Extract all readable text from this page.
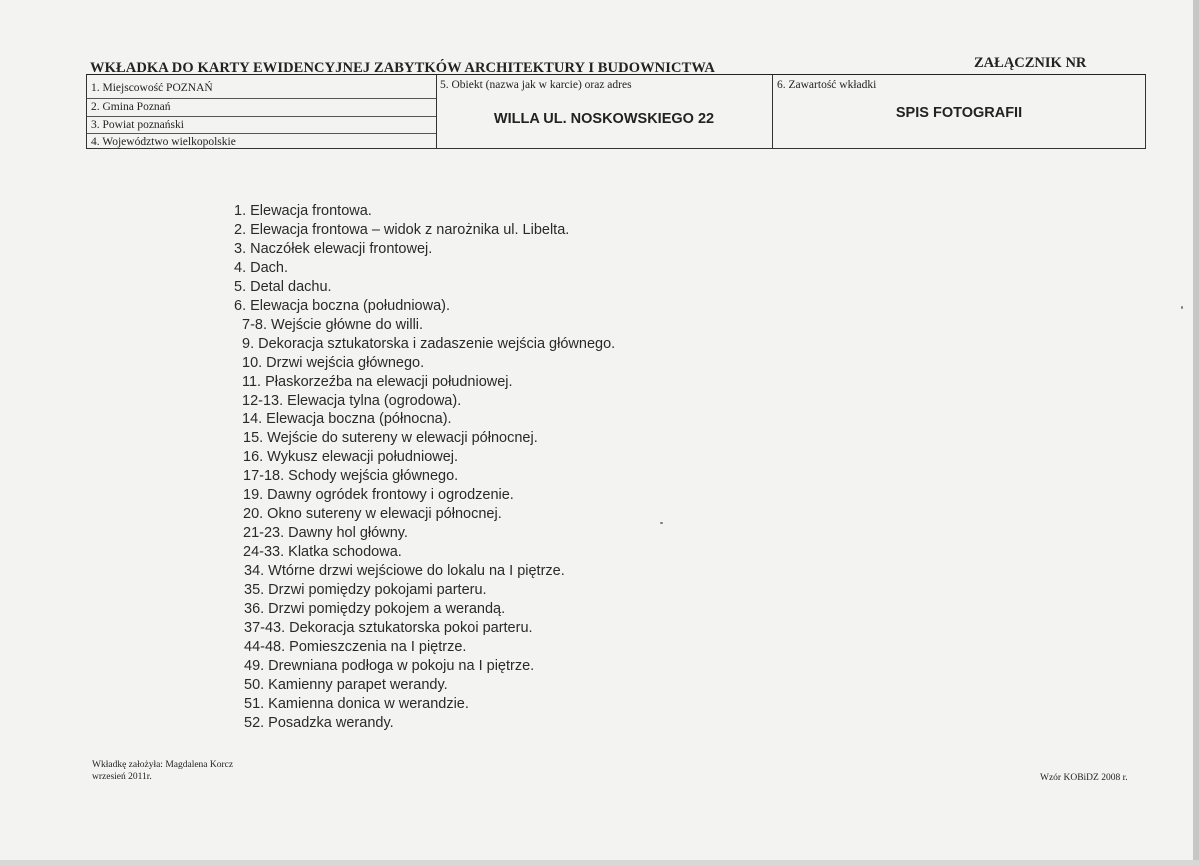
WKŁADKA DO KARTY EWIDENCYJNEJ ZABYTKÓW ARCHITEKTURY I BUDOWNICTWA	ZAŁĄCZNIK NR
1. Miejscowość POZNAŃ
2. Gmina Poznań
3. Powiat poznański
4. Województwo wielkopolskie
5. Obiekt (nazwa jak w karcie) oraz adres
WILLA UL. NOSKOWSKIEGO 22
6. Zawartość wkładki
SPIS FOTOGRAFII
1. Elewacja frontowa.
2. Elewacja frontowa – widok z narożnika ul. Libelta.
3. Naczółek elewacji frontowej.
4. Dach.
5. Detal dachu.
6. Elewacja boczna (południowa).
7-8. Wejście główne do willi.
9. Dekoracja sztukatorska i zadaszenie wejścia głównego.
10. Drzwi wejścia głównego.
11. Płaskorzeźba na elewacji południowej.
12-13. Elewacja tylna (ogrodowa).
14. Elewacja boczna (północna).
15. Wejście do sutereny w elewacji północnej.
16. Wykusz elewacji południowej.
17-18. Schody wejścia głównego.
19. Dawny ogródek frontowy i ogrodzenie.
20. Okno sutereny w elewacji północnej.
21-23. Dawny hol główny.
24-33. Klatka schodowa.
34. Wtórne drzwi wejściowe do lokalu na I piętrze.
35. Drzwi pomiędzy pokojami parteru.
36. Drzwi pomiędzy pokojem a werandą.
37-43. Dekoracja sztukatorska pokoi parteru.
44-48. Pomieszczenia na I piętrze.
49. Drewniana podłoga w pokoju na I piętrze.
50. Kamienny parapet werandy.
51. Kamienna donica w werandzie.
52. Posadzka werandy.
Wkładkę założyła: Magdalena Korcz
wrzesień 2011r.	Wzór KOBiDZ 2008 r.
